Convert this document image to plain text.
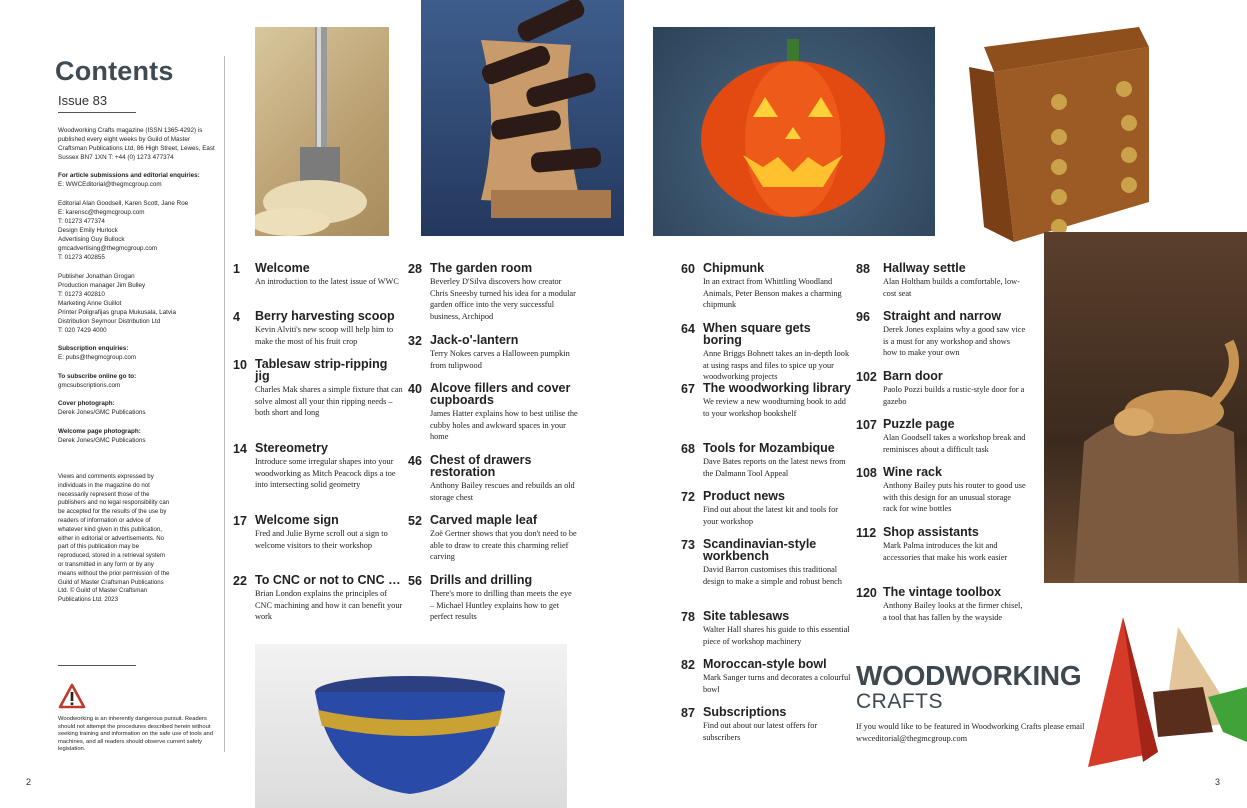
Contents
Issue 83

Woodworking Crafts magazine (ISSN 1365-4292) is published every eight weeks by Guild of Master Craftsman Publications Ltd, 86 High Street, Lewes, East Sussex BN7 1XN T: +44 (0) 1273 477374

For article submissions and editorial enquiries:

E: WWCEditorial@thegmcgroup.com

Editorial Alan Goodsell, Karen Scott, Jane Roe

E: karensc@thegmcgroup.com

T: 01273 477374

Design Emily Hurlock

Advertising Guy Bullock

gmcadvertising@thegmcgroup.com

T: 01273 402855

Publisher Jonathan Grogan

Production manager Jim Bulley

T: 01273 402810

Marketing Anne Guillot

Printer Poligrafijas grupa Mukusala, Latvia

Distribution Seymour Distribution Ltd

T: 020 7429 4000

Subscription enquiries:

E: pubs@thegmcgroup.com

To subscribe online go to:

gmcsubscriptions.com

Cover photograph:

Derek Jones/GMC Publications

Welcome page photograph:

Derek Jones/GMC Publications

Views and comments expressed by individuals in the magazine do not necessarily represent those of the publishers and no legal responsibility can be accepted for the results of the use by readers of information or advice of whatever kind given in this publication, either in editorial or advertisements. No part of this publication may be reproduced, stored in a retrieval system or transmitted in any form or by any means without the prior permission of the Guild of Master Craftsman Publications Ltd. © Guild of Master Craftsman Publications Ltd. 2023
Woodworking is an inherently dangerous pursuit. Readers should not attempt the procedures described herein without seeking training and information on the safe use of tools and machines, and all readers should observe current safety legislation.
1 Welcome
An introduction to the latest issue of WWC
4 Berry harvesting scoop
Kevin Alviti's new scoop will help him to make the most of his fruit crop
10 Tablesaw strip-ripping jig
Charles Mak shares a simple fixture that can solve almost all your thin ripping needs – both short and long
14 Stereometry
Introduce some irregular shapes into your woodworking as Mitch Peacock dips a toe into intersecting solid geometry
17 Welcome sign
Fred and Julie Byrne scroll out a sign to welcome visitors to their workshop
22 To CNC or not to CNC …
Brian London explains the principles of CNC machining and how it can benefit your work
28 The garden room
Beverley D'Silva discovers how creator Chris Sneesby turned his idea for a modular garden office into the very successful business, Archipod
32 Jack-o'-lantern
Terry Nokes carves a Halloween pumpkin from tulipwood
40 Alcove fillers and cover cupboards
James Hatter explains how to best utilise the cubby holes and awkward spaces in your home
46 Chest of drawers restoration
Anthony Bailey rescues and rebuilds an old storage chest
52 Carved maple leaf
Zoë Gertner shows that you don't need to be able to draw to create this charming relief carving
56 Drills and drilling
There's more to drilling than meets the eye – Michael Huntley explains how to get perfect results
60 Chipmunk
In an extract from Whittling Woodland Animals, Peter Benson makes a charming chipmunk
64 When square gets boring
Anne Briggs Bohnett takes an in-depth look at using rasps and files to spice up your woodworking projects
67 The woodworking library
We review a new woodturning book to add to your workshop bookshelf
68 Tools for Mozambique
Dave Bates reports on the latest news from the Dalmann Tool Appeal
72 Product news
Find out about the latest kit and tools for your workshop
73 Scandinavian-style workbench
David Barron customises this traditional design to make a simple and robust bench
78 Site tablesaws
Walter Hall shares his guide to this essential piece of workshop machinery
82 Moroccan-style bowl
Mark Sanger turns and decorates a colourful bowl
87 Subscriptions
Find out about our latest offers for subscribers
88 Hallway settle
Alan Holtham builds a comfortable, low-cost seat
96 Straight and narrow
Derek Jones explains why a good saw vice is a must for any workshop and shows how to make your own
102 Barn door
Paolo Pozzi builds a rustic-style door for a gazebo
107 Puzzle page
Alan Goodsell takes a workshop break and reminisces about a difficult task
108 Wine rack
Anthony Bailey puts his router to good use with this design for an unusual storage rack for wine bottles
112 Shop assistants
Mark Palma introduces the kit and accessories that make his work easier
120 The vintage toolbox
Anthony Bailey looks at the firmer chisel, a tool that has fallen by the wayside
WOODWORKING
CRAFTS
If you would like to be featured in Woodworking Crafts please email wwceditorial@thegmcgroup.com
2	3
